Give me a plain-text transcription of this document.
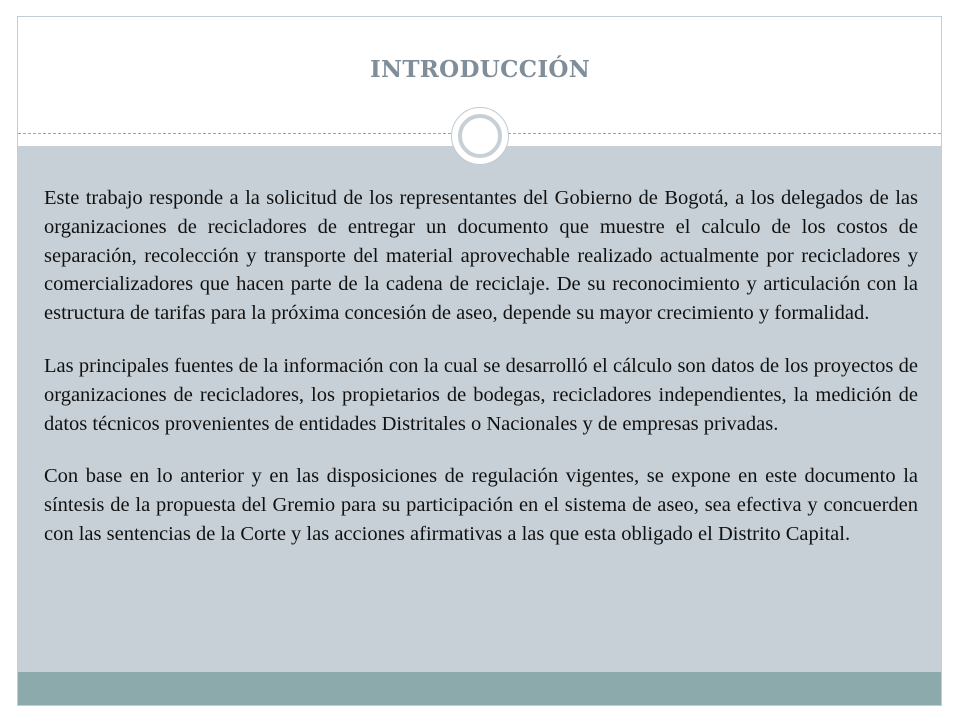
INTRODUCCIÓN

Este trabajo responde a la solicitud de los representantes del Gobierno de Bogotá, a los delegados de las organizaciones de recicladores de entregar un documento que muestre el calculo de los costos de separación, recolección y transporte del material aprovechable realizado actualmente por recicladores y comercializadores que hacen parte de la cadena de reciclaje. De su reconocimiento y articulación con la estructura de tarifas para la próxima concesión de aseo, depende su mayor crecimiento y formalidad.

Las principales fuentes de la información con la cual se desarrolló el cálculo son datos de los proyectos de organizaciones de recicladores, los propietarios de bodegas, recicladores independientes, la medición de datos técnicos provenientes de entidades Distritales o Nacionales y de empresas privadas.

Con base en lo anterior y en las disposiciones de regulación vigentes, se expone en este documento la síntesis de la propuesta del Gremio para su participación en el sistema de aseo, sea efectiva y concuerden con las sentencias de la Corte y las acciones afirmativas a las que esta obligado el Distrito Capital.
